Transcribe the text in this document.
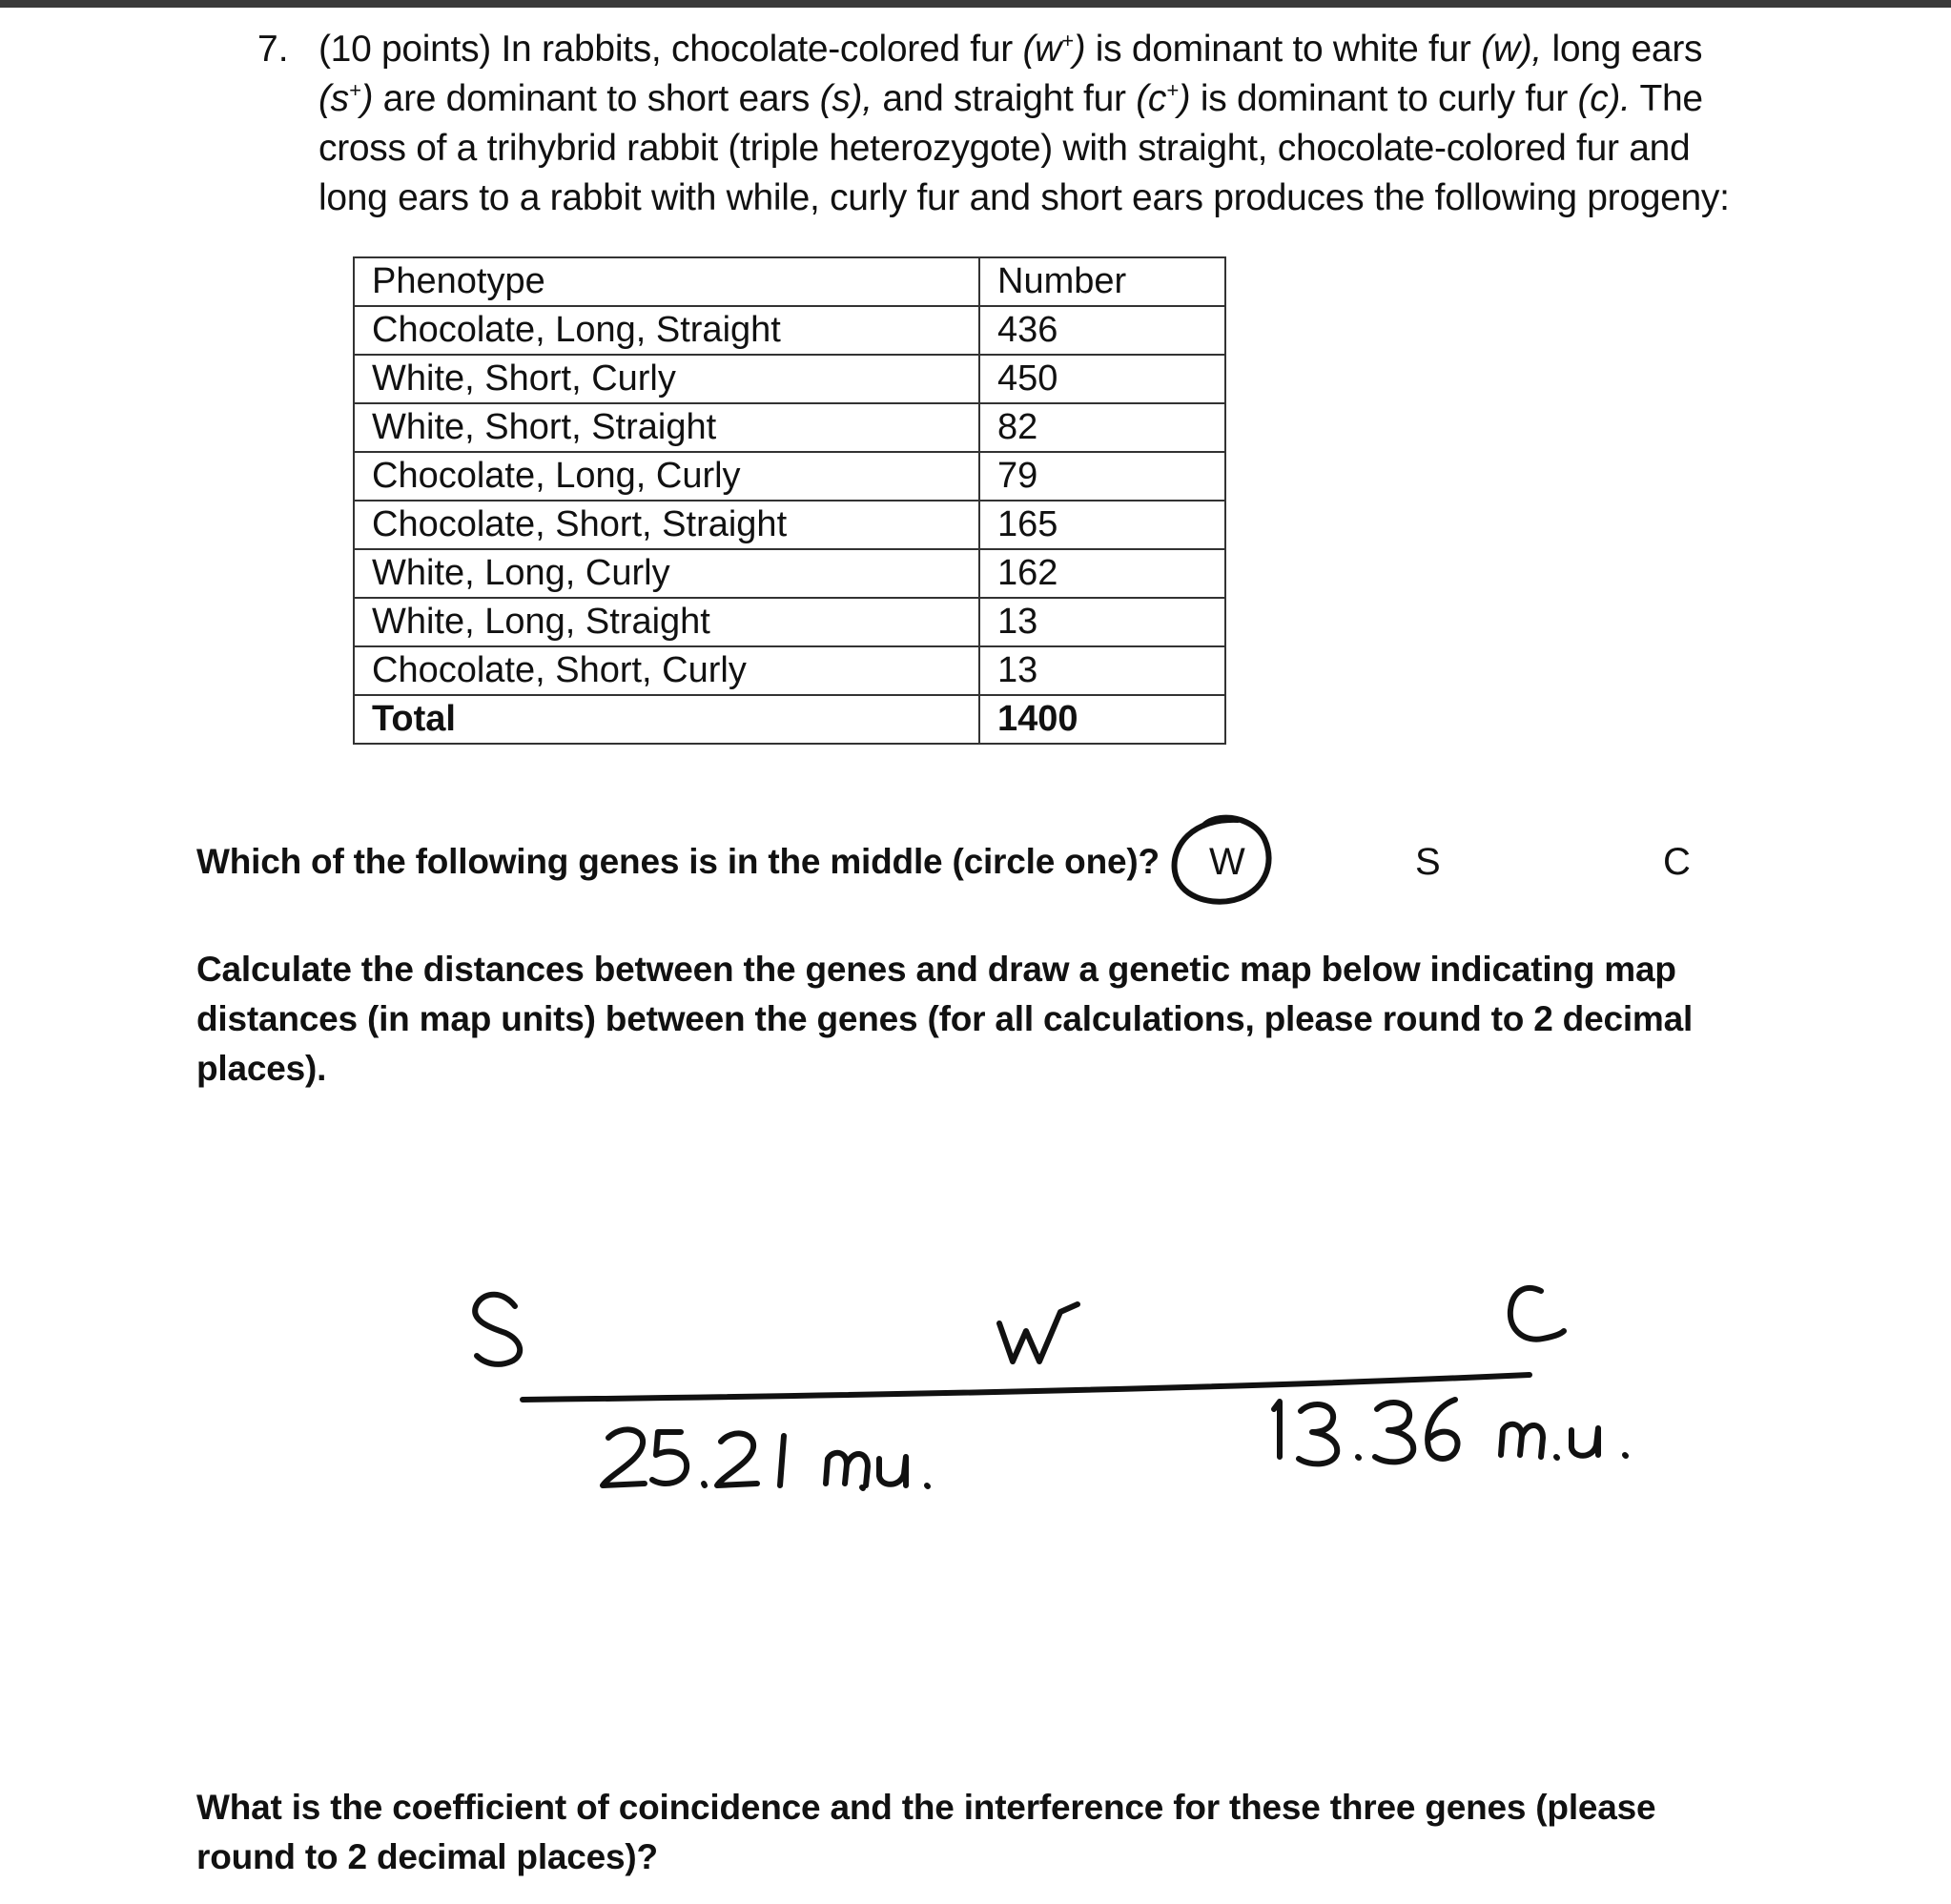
7. (10 points) In rabbits, chocolate-colored fur (w+) is dominant to white fur (w), long ears
(s+) are dominant to short ears (s), and straight fur (c+) is dominant to curly fur (c). The
cross of a trihybrid rabbit (triple heterozygote) with straight, chocolate-colored fur and
long ears to a rabbit with while, curly fur and short ears produces the following progeny:
Phenotype	Number
Chocolate, Long, Straight	436
White, Short, Curly	450
White, Short, Straight	82
Chocolate, Long, Curly	79
Chocolate, Short, Straight	165
White, Long, Curly	162
White, Long, Straight	13
Chocolate, Short, Curly	13
Total	1400
Which of the following genes is in the middle (circle one)? W	S	C
Calculate the distances between the genes and draw a genetic map below indicating map
distances (in map units) between the genes (for all calculations, please round to 2 decimal
places).
What is the coefficient of coincidence and the interference for these three genes (please
round to 2 decimal places)?
